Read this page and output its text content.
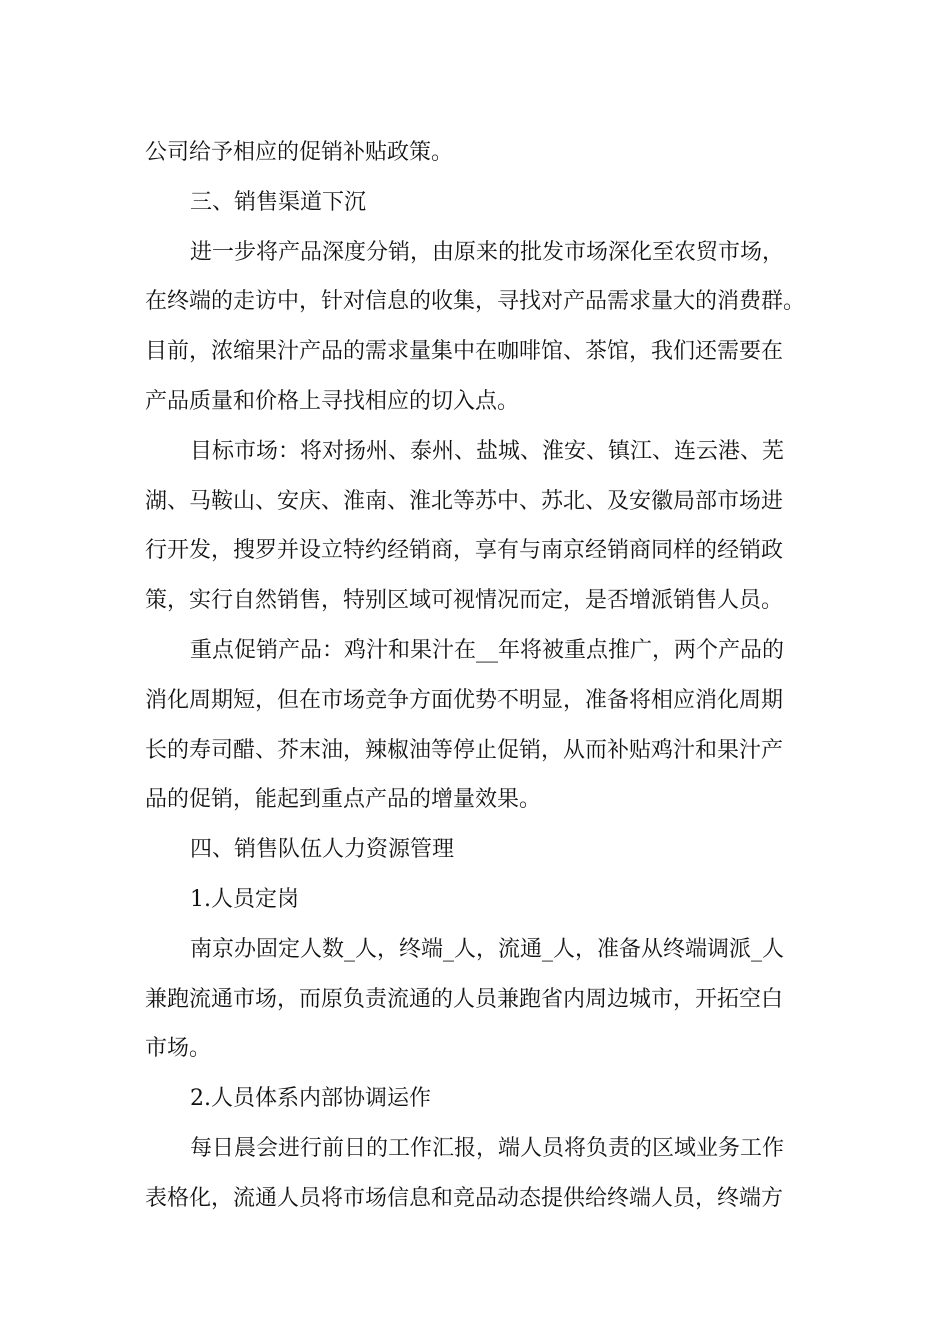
公司给予相应的促销补贴政策。
三、销售渠道下沉
进一步将产品深度分销，由原来的批发市场深化至农贸市场，
在终端的走访中，针对信息的收集，寻找对产品需求量大的消费群。
目前，浓缩果汁产品的需求量集中在咖啡馆、茶馆，我们还需要在
产品质量和价格上寻找相应的切入点。
目标市场：将对扬州、泰州、盐城、淮安、镇江、连云港、芜
湖、马鞍山、安庆、淮南、淮北等苏中、苏北、及安徽局部市场进
行开发，搜罗并设立特约经销商，享有与南京经销商同样的经销政
策，实行自然销售，特别区域可视情况而定，是否增派销售人员。
重点促销产品：鸡汁和果汁在__年将被重点推广，两个产品的
消化周期短，但在市场竞争方面优势不明显，准备将相应消化周期
长的寿司醋、芥末油，辣椒油等停止促销，从而补贴鸡汁和果汁产
品的促销，能起到重点产品的增量效果。
四、销售队伍人力资源管理
1.人员定岗
南京办固定人数_人，终端_人，流通_人，准备从终端调派_人
兼跑流通市场，而原负责流通的人员兼跑省内周边城市，开拓空白
市场。
2.人员体系内部协调运作
每日晨会进行前日的工作汇报，端人员将负责的区域业务工作
表格化，流通人员将市场信息和竞品动态提供给终端人员，终端方
